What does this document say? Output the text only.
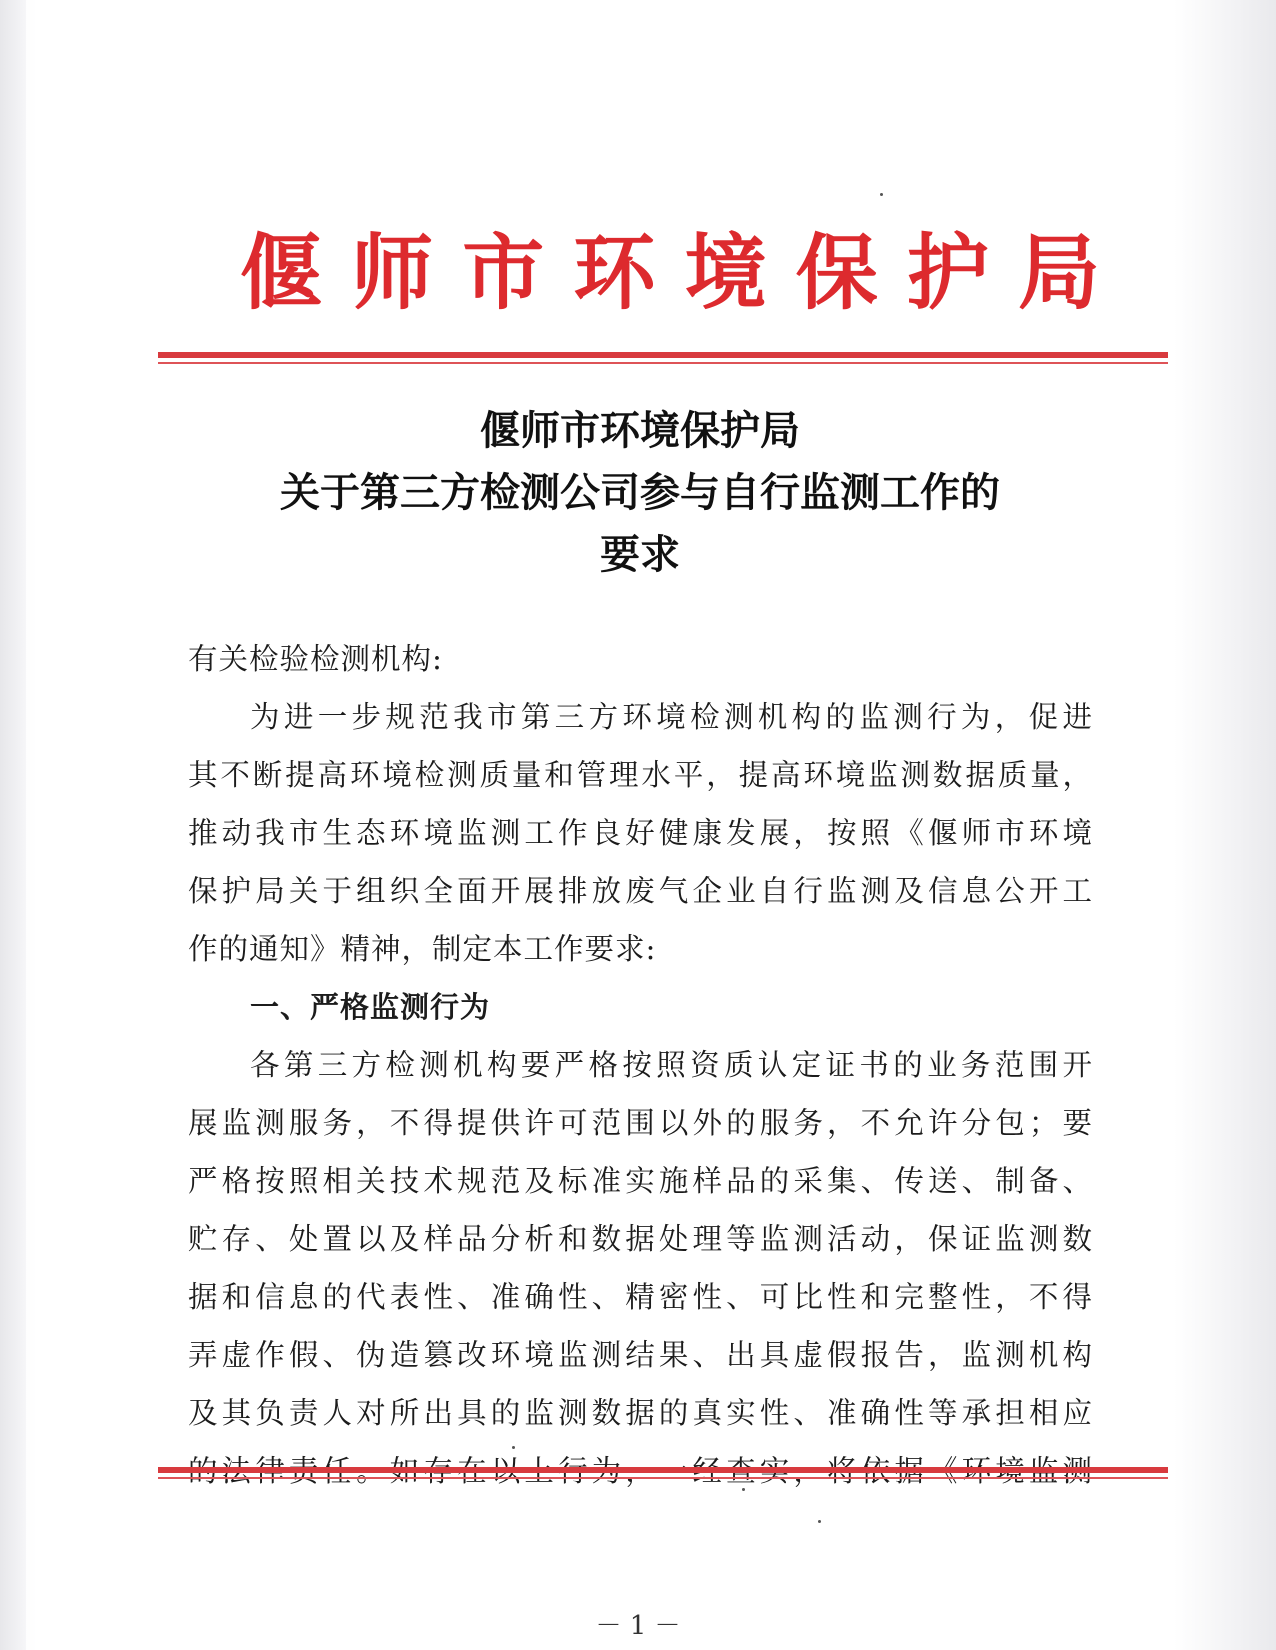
偃 师 市 环 境 保 护 局
偃师市环境保护局
关于第三方检测公司参与自行监测工作的
要求
有关检验检测机构:
为进一步规范我市第三方环境检测机构的监测行为，促进
其不断提高环境检测质量和管理水平，提高环境监测数据质量，
推动我市生态环境监测工作良好健康发展，按照《偃师市环境
保护局关于组织全面开展排放废气企业自行监测及信息公开工
作的通知》精神，制定本工作要求:
一、严格监测行为
各第三方检测机构要严格按照资质认定证书的业务范围开
展监测服务，不得提供许可范围以外的服务，不允许分包；要
严格按照相关技术规范及标准实施样品的采集、传送、制备、
贮存、处置以及样品分析和数据处理等监测活动，保证监测数
据和信息的代表性、准确性、精密性、可比性和完整性，不得
弄虚作假、伪造篡改环境监测结果、出具虚假报告，监测机构
及其负责人对所出具的监测数据的真实性、准确性等承担相应
－ 1 －
